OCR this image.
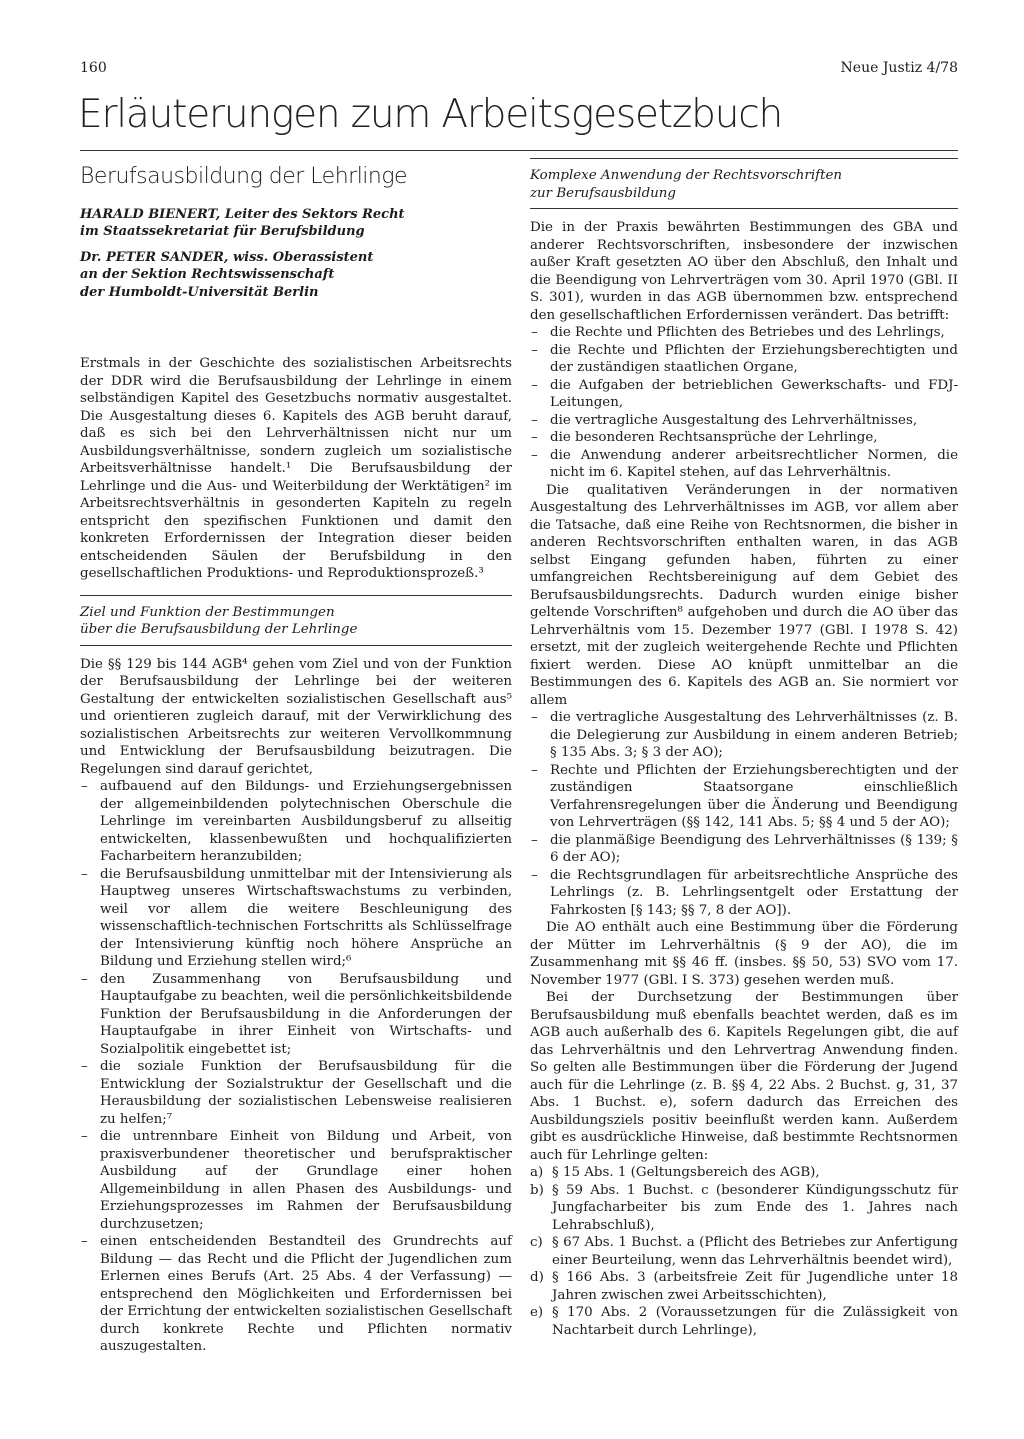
160	Neue Justiz 4/78
Erläuterungen zum Arbeitsgesetzbuch
Berufsausbildung der Lehrlinge

HARALD BIENERT, Leiter des Sektors Recht
im Staatssekretariat für Berufsbildung

Dr. PETER SANDER, wiss. Oberassistent
an der Sektion Rechtswissenschaft
der Humboldt-Universität Berlin

Erstmals in der Geschichte des sozialistischen Arbeitsrechts der DDR wird die Berufsausbildung der Lehrlinge in einem selbständigen Kapitel des Gesetzbuchs normativ ausgestaltet. Die Ausgestaltung dieses 6. Kapitels des AGB beruht darauf, daß es sich bei den Lehrverhältnissen nicht nur um Ausbildungsverhältnisse, sondern zugleich um sozialistische Arbeitsverhältnisse handelt.¹ Die Berufsausbildung der Lehrlinge und die Aus- und Weiterbildung der Werktätigen² im Arbeitsrechtsverhältnis in gesonderten Kapiteln zu regeln entspricht den spezifischen Funktionen und damit den konkreten Erfordernissen der Integration dieser beiden entscheidenden Säulen der Berufsbildung in den gesellschaftlichen Produktions- und Reproduktionsprozeß.³

Ziel und Funktion der Bestimmungen
über die Berufsausbildung der Lehrlinge

Die §§ 129 bis 144 AGB⁴ gehen vom Ziel und von der Funktion der Berufsausbildung der Lehrlinge bei der weiteren Gestaltung der entwickelten sozialistischen Gesellschaft aus⁵ und orientieren zugleich darauf, mit der Verwirklichung des sozialistischen Arbeitsrechts zur weiteren Vervollkommnung und Entwicklung der Berufsausbildung beizutragen. Die Regelungen sind darauf gerichtet,

– aufbauend auf den Bildungs- und Erziehungsergebnissen der allgemeinbildenden polytechnischen Oberschule die Lehrlinge im vereinbarten Ausbildungsberuf zu allseitig entwickelten, klassenbewußten und hochqualifizierten Facharbeitern heranzubilden;
– die Berufsausbildung unmittelbar mit der Intensivierung als Hauptweg unseres Wirtschaftswachstums zu verbinden, weil vor allem die weitere Beschleunigung des wissenschaftlich-technischen Fortschritts als Schlüsselfrage der Intensivierung künftig noch höhere Ansprüche an Bildung und Erziehung stellen wird;⁶
– den Zusammenhang von Berufsausbildung und Hauptaufgabe zu beachten, weil die persönlichkeitsbildende Funktion der Berufsausbildung in die Anforderungen der Hauptaufgabe in ihrer Einheit von Wirtschafts- und Sozialpolitik eingebettet ist;
– die soziale Funktion der Berufsausbildung für die Entwicklung der Sozialstruktur der Gesellschaft und die Herausbildung der sozialistischen Lebensweise realisieren zu helfen;⁷
– die untrennbare Einheit von Bildung und Arbeit, von praxisverbundener theoretischer und berufspraktischer Ausbildung auf der Grundlage einer hohen Allgemeinbildung in allen Phasen des Ausbildungs- und Erziehungsprozesses im Rahmen der Berufsausbildung durchzusetzen;
– einen entscheidenden Bestandteil des Grundrechts auf Bildung — das Recht und die Pflicht der Jugendlichen zum Erlernen eines Berufs (Art. 25 Abs. 4 der Verfassung) — entsprechend den Möglichkeiten und Erfordernissen bei der Errichtung der entwickelten sozialistischen Gesellschaft durch konkrete Rechte und Pflichten normativ auszugestalten.
Komplexe Anwendung der Rechtsvorschriften
zur Berufsausbildung

Die in der Praxis bewährten Bestimmungen des GBA und anderer Rechtsvorschriften, insbesondere der inzwischen außer Kraft gesetzten AO über den Abschluß, den Inhalt und die Beendigung von Lehrverträgen vom 30. April 1970 (GBl. II S. 301), wurden in das AGB übernommen bzw. entsprechend den gesellschaftlichen Erfordernissen verändert. Das betrifft:

– die Rechte und Pflichten des Betriebes und des Lehrlings,
– die Rechte und Pflichten der Erziehungsberechtigten und der zuständigen staatlichen Organe,
– die Aufgaben der betrieblichen Gewerkschafts- und FDJ-Leitungen,
– die vertragliche Ausgestaltung des Lehrverhältnisses,
– die besonderen Rechtsansprüche der Lehrlinge,
– die Anwendung anderer arbeitsrechtlicher Normen, die nicht im 6. Kapitel stehen, auf das Lehrverhältnis.

Die qualitativen Veränderungen in der normativen Ausgestaltung des Lehrverhältnisses im AGB, vor allem aber die Tatsache, daß eine Reihe von Rechtsnormen, die bisher in anderen Rechtsvorschriften enthalten waren, in das AGB selbst Eingang gefunden haben, führten zu einer umfangreichen Rechtsbereinigung auf dem Gebiet des Berufsausbildungsrechts. Dadurch wurden einige bisher geltende Vorschriften⁸ aufgehoben und durch die AO über das Lehrverhältnis vom 15. Dezember 1977 (GBl. I 1978 S. 42) ersetzt, mit der zugleich weitergehende Rechte und Pflichten fixiert werden. Diese AO knüpft unmittelbar an die Bestimmungen des 6. Kapitels des AGB an. Sie normiert vor allem

– die vertragliche Ausgestaltung des Lehrverhältnisses (z. B. die Delegierung zur Ausbildung in einem anderen Betrieb; § 135 Abs. 3; § 3 der AO);
– Rechte und Pflichten der Erziehungsberechtigten und der zuständigen Staatsorgane einschließlich Verfahrensregelungen über die Änderung und Beendigung von Lehrverträgen (§§ 142, 141 Abs. 5; §§ 4 und 5 der AO);
– die planmäßige Beendigung des Lehrverhältnisses (§ 139; § 6 der AO);
– die Rechtsgrundlagen für arbeitsrechtliche Ansprüche des Lehrlings (z. B. Lehrlingsentgelt oder Erstattung der Fahrkosten [§ 143; §§ 7, 8 der AO]).

Die AO enthält auch eine Bestimmung über die Förderung der Mütter im Lehrverhältnis (§ 9 der AO), die im Zusammenhang mit §§ 46 ff. (insbes. §§ 50, 53) SVO vom 17. November 1977 (GBl. I S. 373) gesehen werden muß.

Bei der Durchsetzung der Bestimmungen über Berufsausbildung muß ebenfalls beachtet werden, daß es im AGB auch außerhalb des 6. Kapitels Regelungen gibt, die auf das Lehrverhältnis und den Lehrvertrag Anwendung finden. So gelten alle Bestimmungen über die Förderung der Jugend auch für die Lehrlinge (z. B. §§ 4, 22 Abs. 2 Buchst. g, 31, 37 Abs. 1 Buchst. e), sofern dadurch das Erreichen des Ausbildungsziels positiv beeinflußt werden kann. Außerdem gibt es ausdrückliche Hinweise, daß bestimmte Rechtsnormen auch für Lehrlinge gelten:

a) § 15 Abs. 1 (Geltungsbereich des AGB),
b) § 59 Abs. 1 Buchst. c (besonderer Kündigungsschutz für Jungfacharbeiter bis zum Ende des 1. Jahres nach Lehrabschluß),
c) § 67 Abs. 1 Buchst. a (Pflicht des Betriebes zur Anfertigung einer Beurteilung, wenn das Lehrverhältnis beendet wird),
d) § 166 Abs. 3 (arbeitsfreie Zeit für Jugendliche unter 18 Jahren zwischen zwei Arbeitsschichten),
e) § 170 Abs. 2 (Voraussetzungen für die Zulässigkeit von Nachtarbeit durch Lehrlinge),
